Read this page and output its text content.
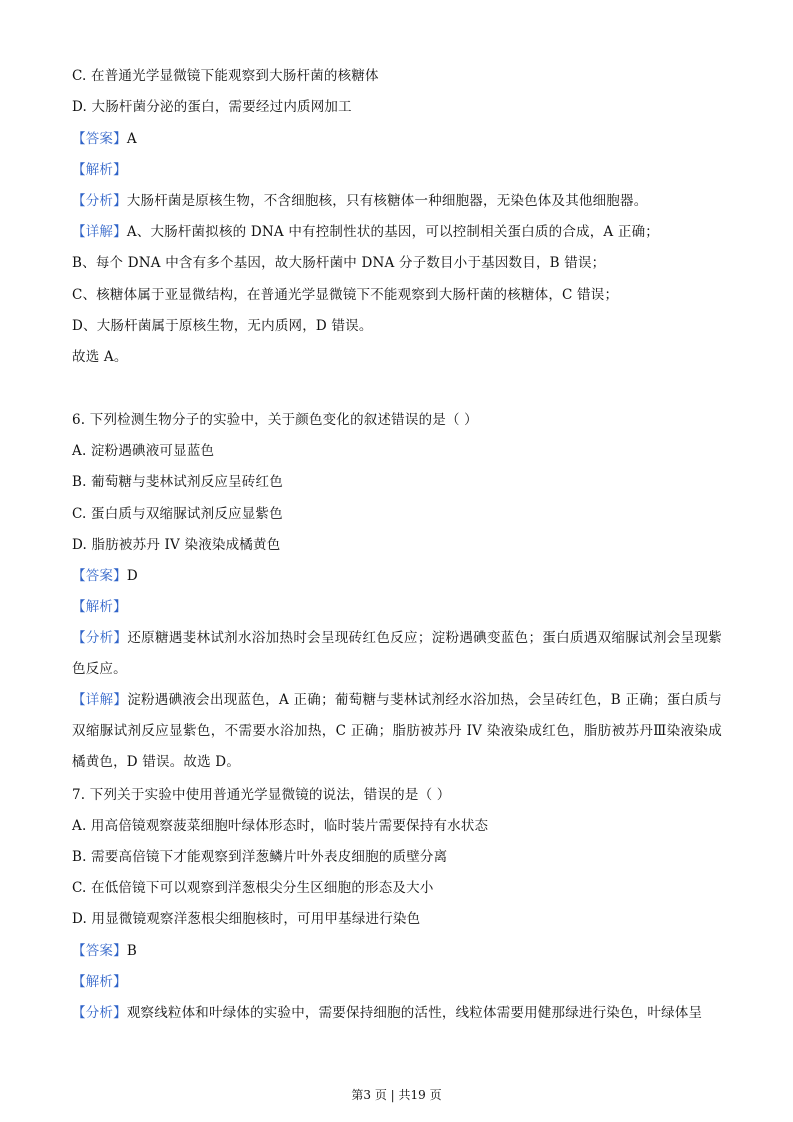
C. 在普通光学显微镜下能观察到大肠杆菌的核糖体
D. 大肠杆菌分泌的蛋白，需要经过内质网加工
【答案】A
【解析】
【分析】大肠杆菌是原核生物，不含细胞核，只有核糖体一种细胞器，无染色体及其他细胞器。
【详解】A、大肠杆菌拟核的 DNA 中有控制性状的基因，可以控制相关蛋白质的合成，A 正确；
B、每个 DNA 中含有多个基因，故大肠杆菌中 DNA 分子数目小于基因数目，B 错误；
C、核糖体属于亚显微结构，在普通光学显微镜下不能观察到大肠杆菌的核糖体，C 错误；
D、大肠杆菌属于原核生物，无内质网，D 错误。
故选 A。
6. 下列检测生物分子的实验中，关于颜色变化的叙述错误的是（ ）
A. 淀粉遇碘液可显蓝色
B. 葡萄糖与斐林试剂反应呈砖红色
C. 蛋白质与双缩脲试剂反应显紫色
D. 脂肪被苏丹 IV 染液染成橘黄色
【答案】D
【解析】
【分析】还原糖遇斐林试剂水浴加热时会呈现砖红色反应；淀粉遇碘变蓝色；蛋白质遇双缩脲试剂会呈现紫色反应。
【详解】淀粉遇碘液会出现蓝色，A 正确；葡萄糖与斐林试剂经水浴加热，会呈砖红色，B 正确；蛋白质与双缩脲试剂反应显紫色，不需要水浴加热，C 正确；脂肪被苏丹 IV 染液染成红色，脂肪被苏丹Ⅲ染液染成橘黄色，D 错误。故选 D。
7. 下列关于实验中使用普通光学显微镜的说法，错误的是（ ）
A. 用高倍镜观察菠菜细胞叶绿体形态时，临时装片需要保持有水状态
B. 需要高倍镜下才能观察到洋葱鳞片叶外表皮细胞的质壁分离
C. 在低倍镜下可以观察到洋葱根尖分生区细胞的形态及大小
D. 用显微镜观察洋葱根尖细胞核时，可用甲基绿进行染色
【答案】B
【解析】
【分析】观察线粒体和叶绿体的实验中，需要保持细胞的活性，线粒体需要用健那绿进行染色，叶绿体呈
第3 页 | 共19 页
